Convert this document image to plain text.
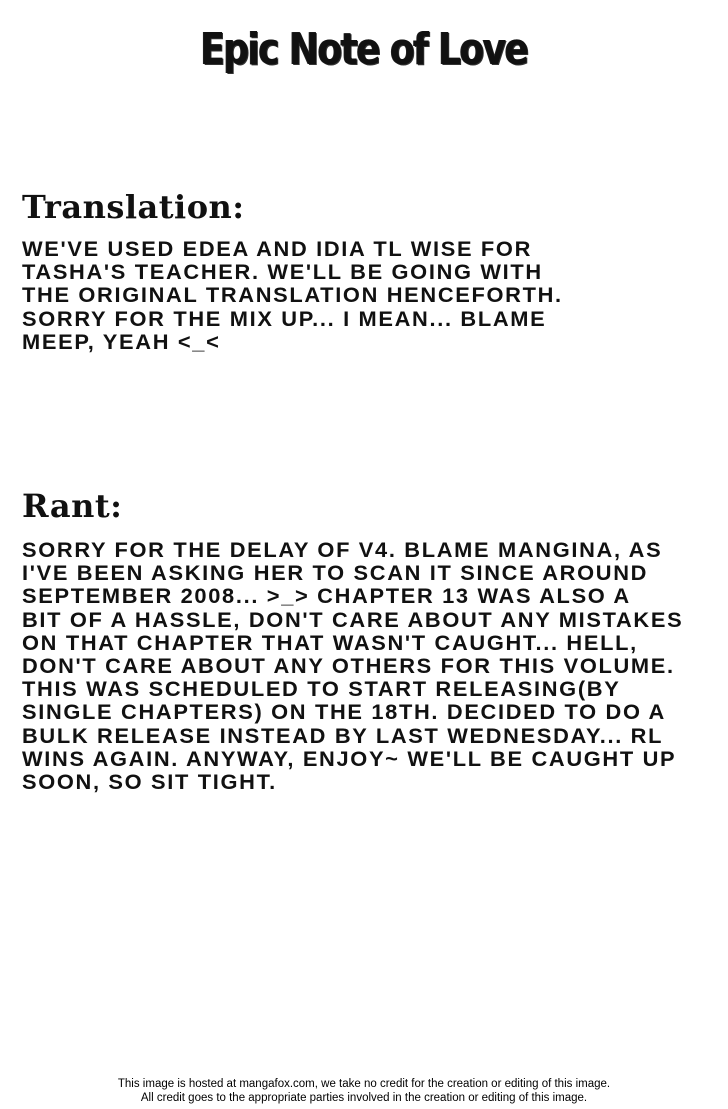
Epic Note of Love
Translation:

WE'VE USED EDEA AND IDIA TL WISE FOR
TASHA'S TEACHER. WE'LL BE GOING WITH
THE ORIGINAL TRANSLATION HENCEFORTH.
SORRY FOR THE MIX UP... I MEAN... BLAME
MEEP, YEAH <_<

Rant:

SORRY FOR THE DELAY OF V4. BLAME MANGINA, AS
I'VE BEEN ASKING HER TO SCAN IT SINCE AROUND
SEPTEMBER 2008... >_> CHAPTER 13 WAS ALSO A
BIT OF A HASSLE, DON'T CARE ABOUT ANY MISTAKES
ON THAT CHAPTER THAT WASN'T CAUGHT... HELL,
DON'T CARE ABOUT ANY OTHERS FOR THIS VOLUME.
THIS WAS SCHEDULED TO START RELEASING(BY
SINGLE CHAPTERS) ON THE 18TH. DECIDED TO DO A
BULK RELEASE INSTEAD BY LAST WEDNESDAY... RL
WINS AGAIN. ANYWAY, ENJOY~ WE'LL BE CAUGHT UP
SOON, SO SIT TIGHT.

This image is hosted at mangafox.com, we take no credit for the creation or editing of this image.
All credit goes to the appropriate parties involved in the creation or editing of this image.
